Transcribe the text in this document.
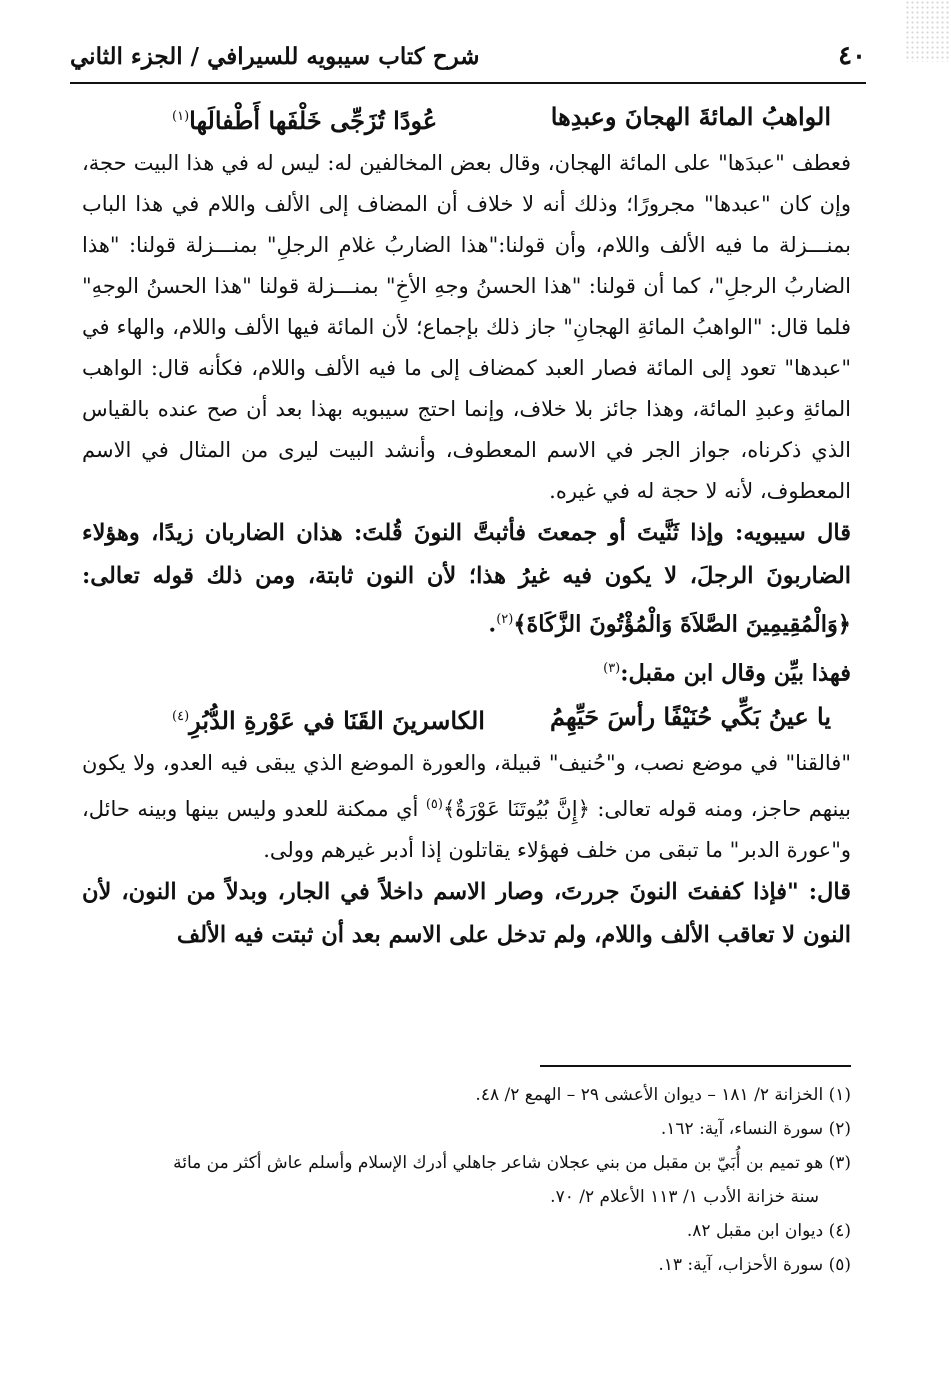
٤٠
شرح كتاب سيبويه للسيرافي / الجزء الثاني
الواهبُ المائةَ الهجانَ وعبدِها
عُودًا تُزَجِّى خَلْفَها أَطْفالَها$^{(١)}$

فعطف "عبدَها" على المائة الهجان، وقال بعض المخالفين له: ليس له في هذا البيت حجة، وإن كان "عبدها" مجرورًا؛ وذلك أنه لا خلاف أن المضاف إلى الألف واللام في هذا الباب بمنـــزلة ما فيه الألف واللام، وأن قولنا:"هذا الضاربُ غلامِ الرجلِ" بمنـــزلة قولنا: "هذا الضاربُ الرجلِ"، كما أن قولنا: "هذا الحسنُ وجهِ الأخِ" بمنـــزلة قولنا "هذا الحسنُ الوجهِ" فلما قال: "الواهبُ المائةِ الهجانِ" جاز ذلك بإجماع؛ لأن المائة فيها الألف واللام، والهاء في "عبدها" تعود إلى المائة فصار العبد كمضاف إلى ما فيه الألف واللام، فكأنه قال: الواهب المائةِ وعبدِ المائة، وهذا جائز بلا خلاف، وإنما احتج سيبويه بهذا بعد أن صح عنده بالقياس الذي ذكرناه، جواز الجر في الاسم المعطوف، وأنشد البيت ليرى من المثال في الاسم المعطوف، لأنه لا حجة له في غيره.

قال سيبويه: وإذا ثَنَّيتَ أو جمعتَ فأثبتَّ النونَ قُلتَ: هذان الضاربان زيدًا، وهؤلاء الضاربونَ الرجلَ، لا يكون فيه غيرُ هذا؛ لأن النون ثابتة، ومن ذلك قوله تعالى: ﴿وَالْمُقِيمِينَ الصَّلاَةَ وَالْمُؤْتُونَ الزَّكَاةَ﴾$^{(٢)}$.

فهذا بيِّن وقال ابن مقبل:$^{(٣)}$

يا عينُ بَكِّي حُنَيْفًا رأسَ حَيِّهِمُ
الكاسرينَ القَنَا في عَوْرةِ الدُّبُرِ$^{(٤)}$

"فالقنا" في موضع نصب، و"حُنيف" قبيلة، والعورة الموضع الذي يبقى فيه العدو، ولا يكون بينهم حاجز، ومنه قوله تعالى: ﴿إِنَّ بُيُوتَنَا عَوْرَةٌ﴾$^{(٥)}$ أي ممكنة للعدو وليس بينها وبينه حائل، و"عورة الدبر" ما تبقى من خلف فهؤلاء يقاتلون إذا أدبر غيرهم وولى.

قال: "فإذا كففتَ النونَ جررتَ، وصار الاسم داخلاً في الجار، وبدلاً من النون، لأن النون لا تعاقب الألف واللام، ولم تدخل على الاسم بعد أن ثبتت فيه الألف

(١) الخزانة ٢/ ١٨١ – ديوان الأعشى ٢٩ – الهمع ٢/ ٤٨.
(٢) سورة النساء، آية: ١٦٢.
(٣) هو تميم بن أُبَيّ بن مقبل من بني عجلان شاعر جاهلي أدرك الإسلام وأسلم عاش أكثر من مائة
سنة خزانة الأدب ١/ ١١٣ الأعلام ٢/ ٧٠.
(٤) ديوان ابن مقبل ٨٢.
(٥) سورة الأحزاب، آية: ١٣.
